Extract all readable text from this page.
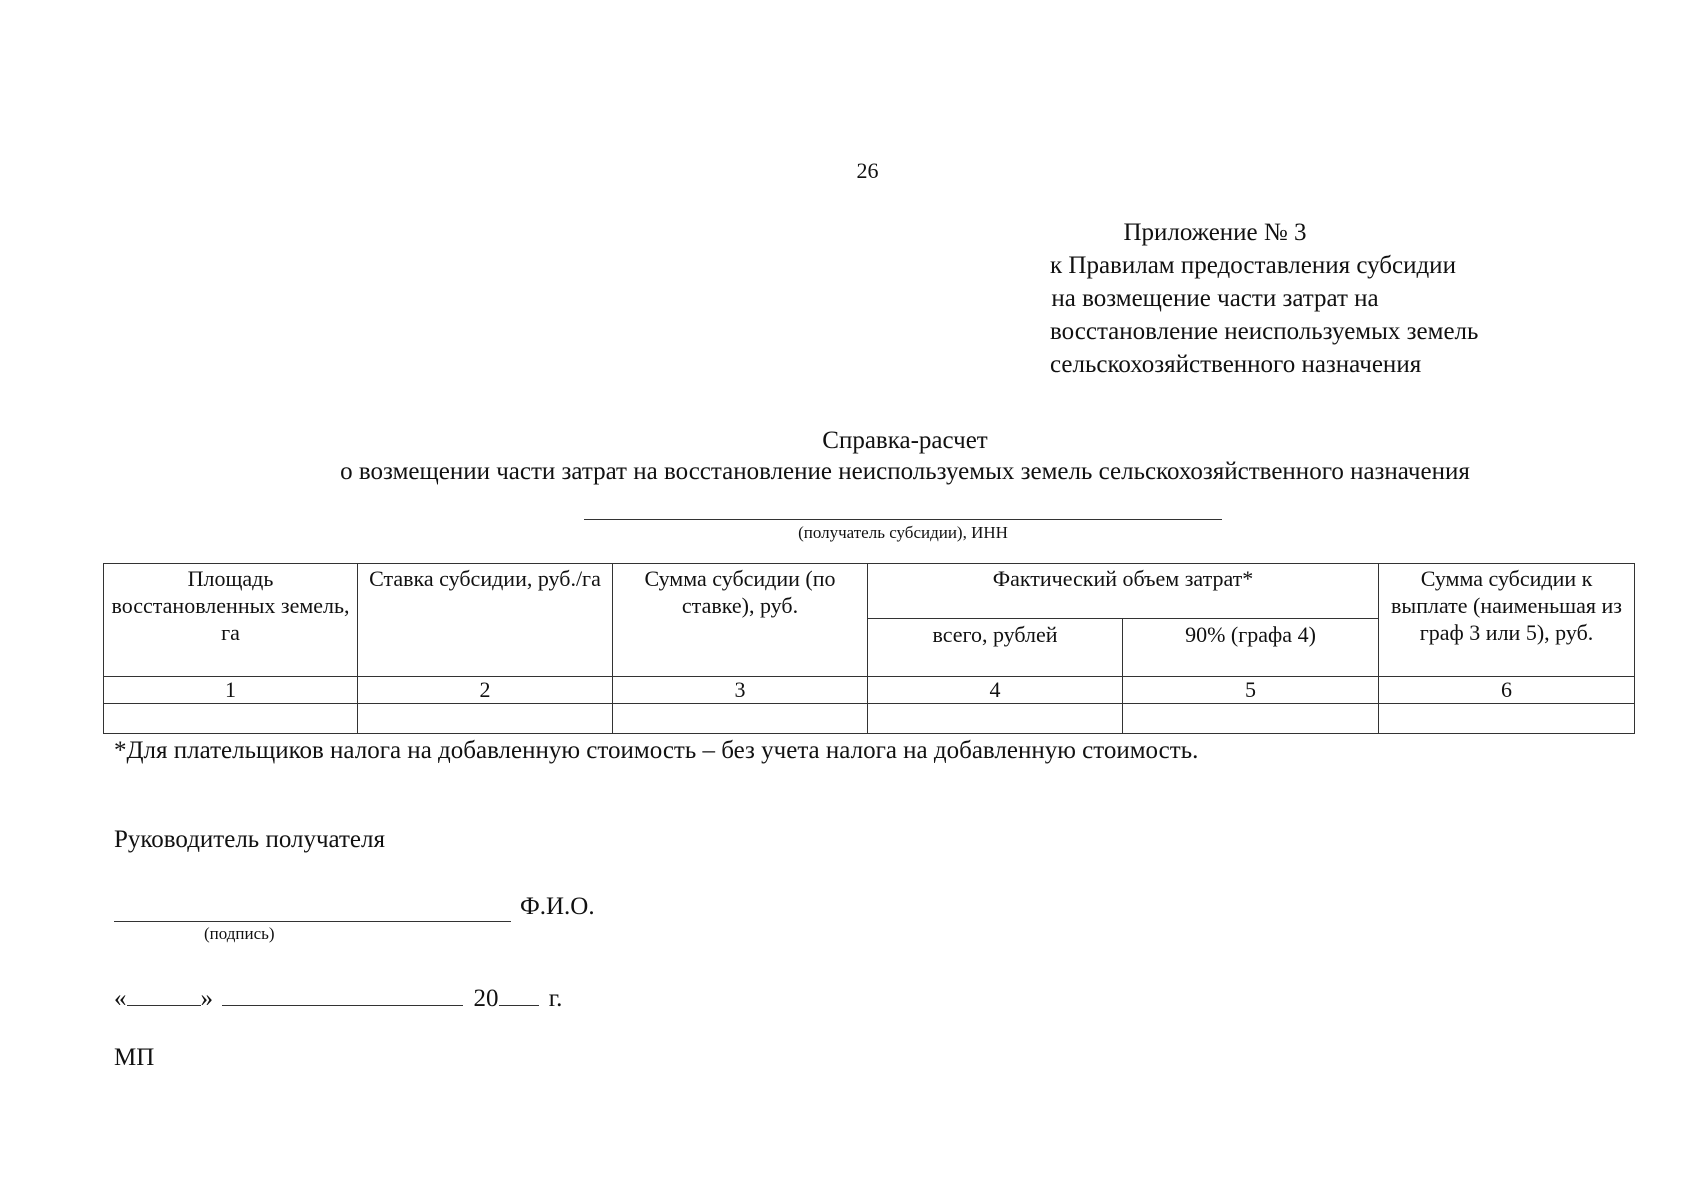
26
Приложение № 3
к Правилам предоставления субсидии
на возмещение части затрат на
восстановление неиспользуемых земель
сельскохозяйственного назначения
Справка-расчет
о возмещении части затрат на восстановление неиспользуемых земель сельскохозяйственного назначения
(получатель субсидии), ИНН
Площадь восстановленных земель, га	Ставка субсидии, руб./га	Сумма субсидии (по ставке), руб.	Фактический объем затрат*		Сумма субсидии к выплате (наименьшая из граф 3 или 5), руб.
			всего, рублей	90% (графа 4)	
1	2	3	4	5	6

*Для плательщиков налога на добавленную стоимость – без учета налога на добавленную стоимость.
Руководитель получателя
Ф.И.О.
(подпись)
«	»	20 г.
МП
